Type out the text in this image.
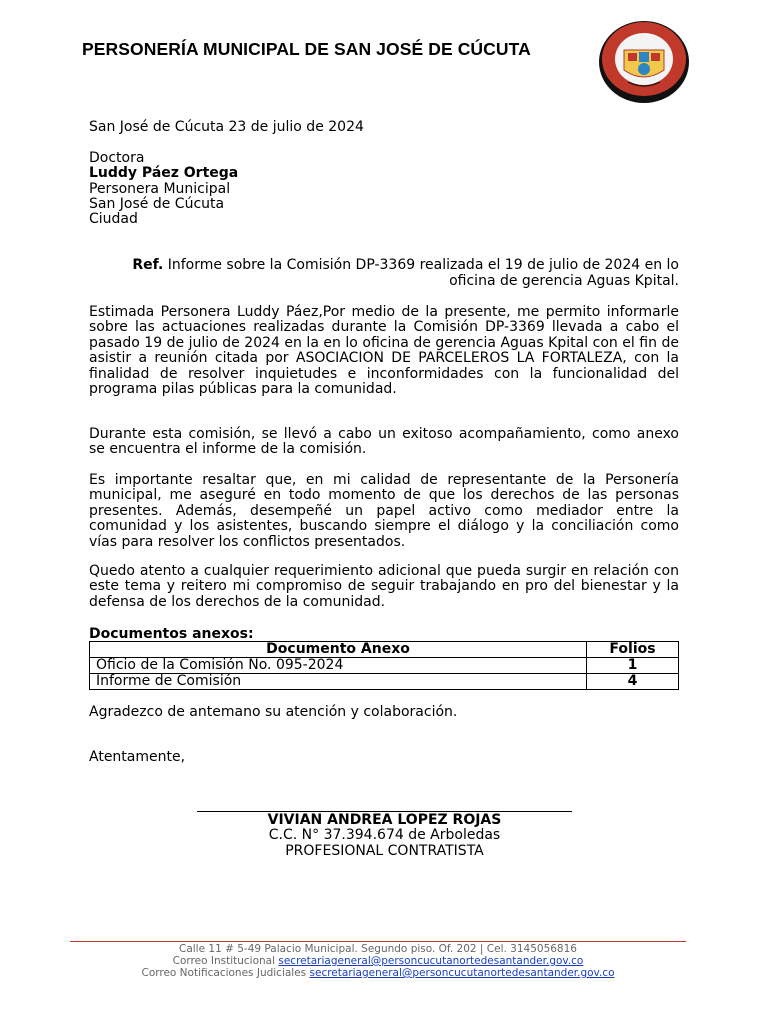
PERSONERÍA MUNICIPAL DE SAN JOSÉ DE CÚCUTA
San José de Cúcuta 23 de julio de 2024
Doctora
Luddy Páez Ortega
Personera Municipal
San José de Cúcuta
Ciudad
Ref. Informe sobre la Comisión DP-3369 realizada el 19 de julio de 2024 en lo oficina de gerencia Aguas Kpital.
Estimada Personera Luddy Páez,Por medio de la presente, me permito informarle sobre las actuaciones realizadas durante la Comisión DP-3369 llevada a cabo el pasado 19 de julio de 2024 en la en lo oficina de gerencia Aguas Kpital con el fin de asistir a reunión citada por ASOCIACION DE PARCELEROS LA FORTALEZA, con la finalidad de resolver inquietudes e inconformidades con la funcionalidad del programa pilas públicas para la comunidad.
Durante esta comisión, se llevó a cabo un exitoso acompañamiento, como anexo se encuentra el informe de la comisión.
Es importante resaltar que, en mi calidad de representante de la Personería municipal, me aseguré en todo momento de que los derechos de las personas presentes. Además, desempeñé un papel activo como mediador entre la comunidad y los asistentes, buscando siempre el diálogo y la conciliación como vías para resolver los conflictos presentados.
Quedo atento a cualquier requerimiento adicional que pueda surgir en relación con este tema y reitero mi compromiso de seguir trabajando en pro del bienestar y la defensa de los derechos de la comunidad.
Documentos anexos:
Documento Anexo	Folios
Oficio de la Comisión No. 095-2024	1
Informe de Comisión	4
Agradezco de antemano su atención y colaboración.
Atentamente,
VIVIAN ANDREA LOPEZ ROJAS
C.C. N° 37.394.674 de Arboledas
PROFESIONAL CONTRATISTA
Calle 11 # 5-49 Palacio Municipal. Segundo piso. Of. 202 | Cel. 3145056816
Correo Institucional secretariageneral@personcucutanortedesantander.gov.co
Correo Notificaciones Judiciales secretariageneral@personcucutanortedesantander.gov.co
